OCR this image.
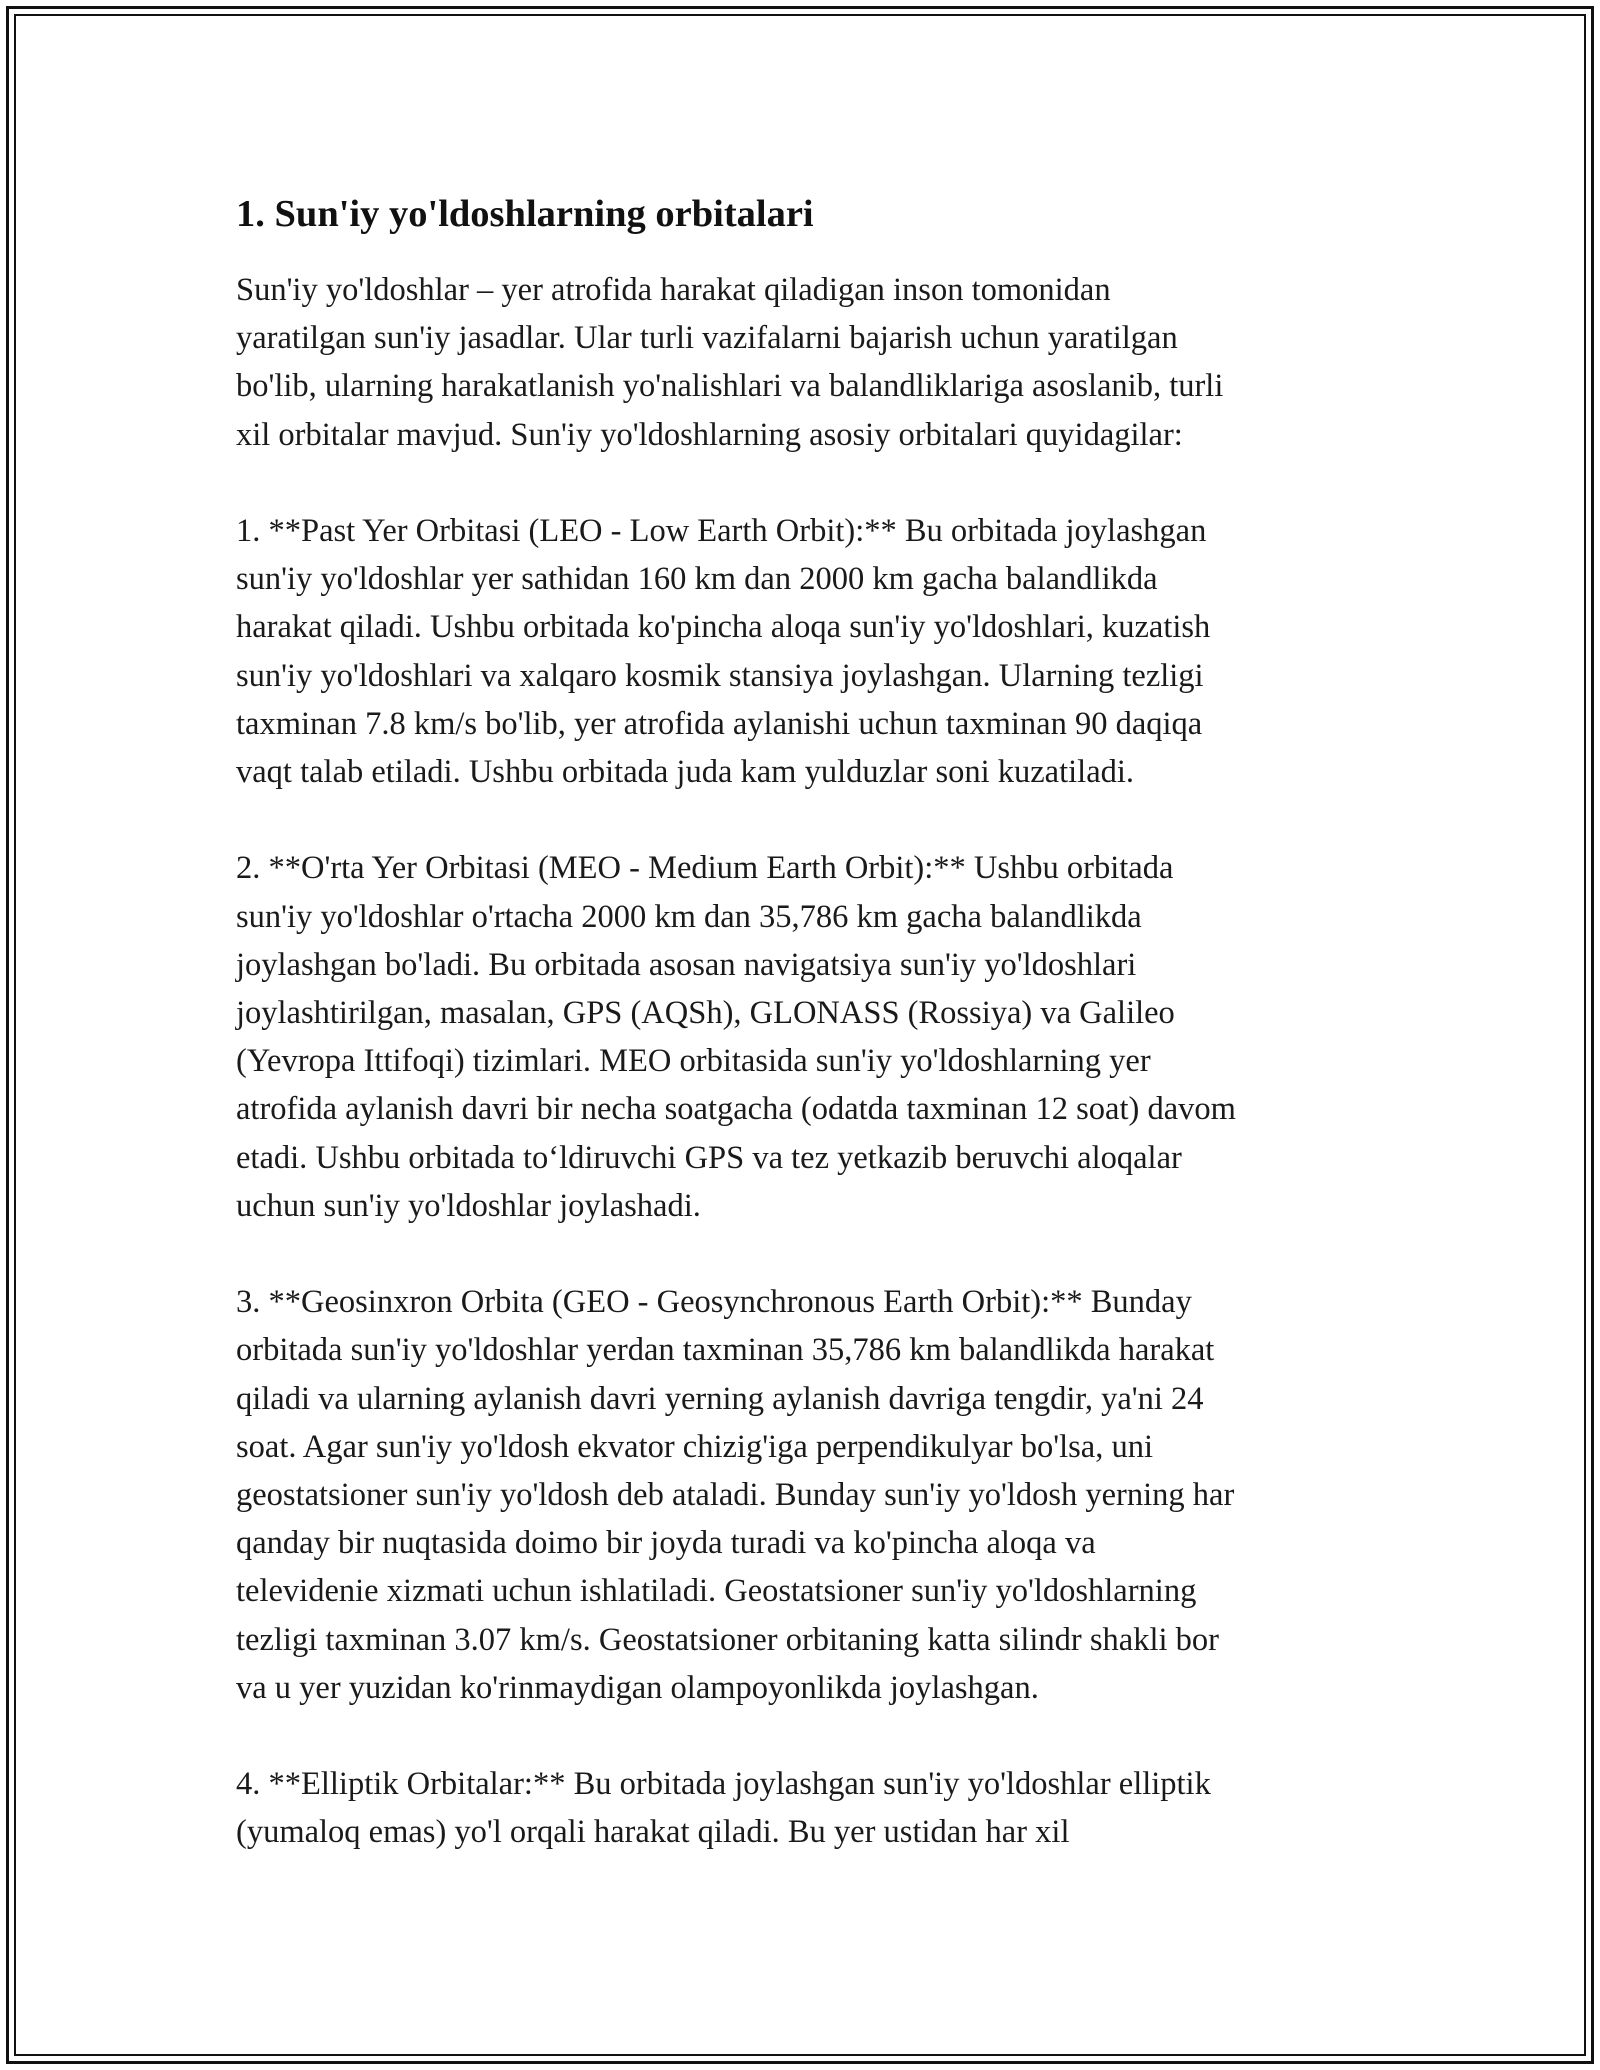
1. Sun'iy yo'ldoshlarning orbitalari
Sun'iy yo'ldoshlar – yer atrofida harakat qiladigan inson tomonidan
yaratilgan sun'iy jasadlar. Ular turli vazifalarni bajarish uchun yaratilgan
bo'lib, ularning harakatlanish yo'nalishlari va balandliklariga asoslanib, turli
xil orbitalar mavjud. Sun'iy yo'ldoshlarning asosiy orbitalari quyidagilar:
1. **Past Yer Orbitasi (LEO - Low Earth Orbit):** Bu orbitada joylashgan
sun'iy yo'ldoshlar yer sathidan 160 km dan 2000 km gacha balandlikda
harakat qiladi. Ushbu orbitada ko'pincha aloqa sun'iy yo'ldoshlari, kuzatish
sun'iy yo'ldoshlari va xalqaro kosmik stansiya joylashgan. Ularning tezligi
taxminan 7.8 km/s bo'lib, yer atrofida aylanishi uchun taxminan 90 daqiqa
vaqt talab etiladi. Ushbu orbitada juda kam yulduzlar soni kuzatiladi.
2. **O'rta Yer Orbitasi (MEO - Medium Earth Orbit):** Ushbu orbitada
sun'iy yo'ldoshlar o'rtacha 2000 km dan 35,786 km gacha balandlikda
joylashgan bo'ladi. Bu orbitada asosan navigatsiya sun'iy yo'ldoshlari
joylashtirilgan, masalan, GPS (AQSh), GLONASS (Rossiya) va Galileo
(Yevropa Ittifoqi) tizimlari. MEO orbitasida sun'iy yo'ldoshlarning yer
atrofida aylanish davri bir necha soatgacha (odatda taxminan 12 soat) davom
etadi. Ushbu orbitada to‘ldiruvchi GPS va tez yetkazib beruvchi aloqalar
uchun sun'iy yo'ldoshlar joylashadi.
3. **Geosinxron Orbita (GEO - Geosynchronous Earth Orbit):** Bunday
orbitada sun'iy yo'ldoshlar yerdan taxminan 35,786 km balandlikda harakat
qiladi va ularning aylanish davri yerning aylanish davriga tengdir, ya'ni 24
soat. Agar sun'iy yo'ldosh ekvator chizig'iga perpendikulyar bo'lsa, uni
geostatsioner sun'iy yo'ldosh deb ataladi. Bunday sun'iy yo'ldosh yerning har
qanday bir nuqtasida doimo bir joyda turadi va ko'pincha aloqa va
televidenie xizmati uchun ishlatiladi. Geostatsioner sun'iy yo'ldoshlarning
tezligi taxminan 3.07 km/s. Geostatsioner orbitaning katta silindr shakli bor
va u yer yuzidan ko'rinmaydigan olampoyonlikda joylashgan.
4. **Elliptik Orbitalar:** Bu orbitada joylashgan sun'iy yo'ldoshlar elliptik
(yumaloq emas) yo'l orqali harakat qiladi. Bu yer ustidan har xil
